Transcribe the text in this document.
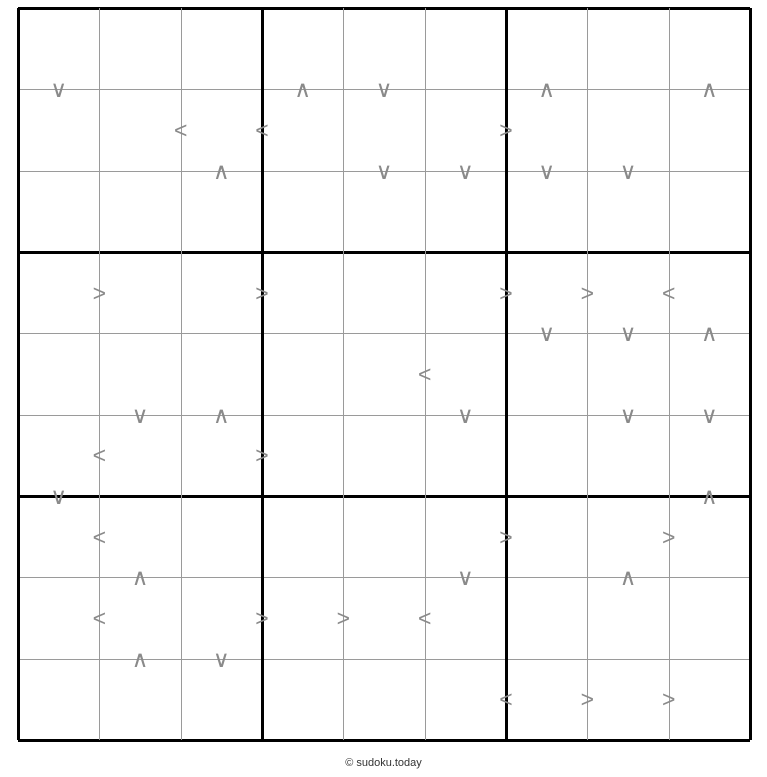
∨
∧
∨
∧
∧
∧
∨
∨
∨
∨
∨
∨
∧
∨
∧
∨
∨
∨
∨
∧
∧
∨
∧
∧
∨
<
<
>
>
>
>
>
<
<
<
>
<
>
>
<
>
>
<
<
>
>
© sudoku.today
